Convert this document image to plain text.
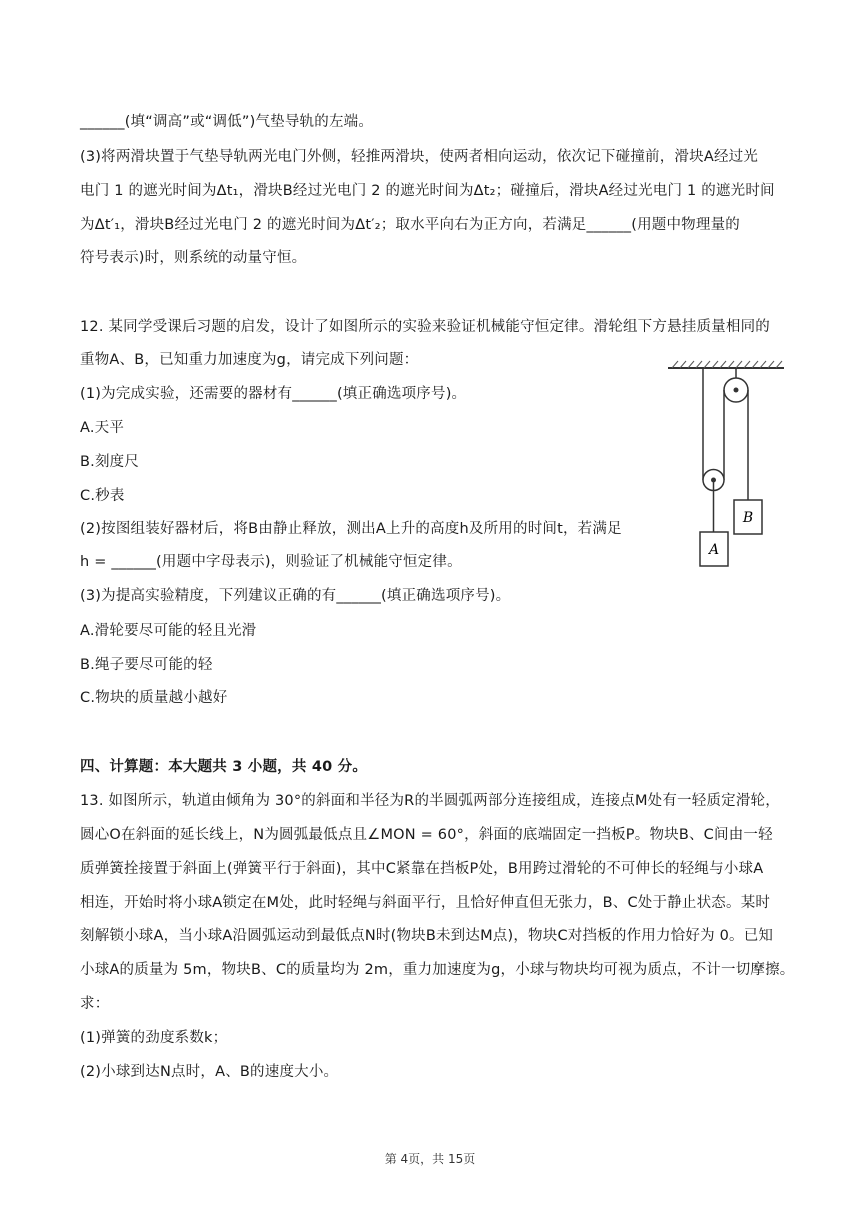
______(填“调高”或“调低”)气垫导轨的左端。
(3)将两滑块置于气垫导轨两光电门外侧，轻推两滑块，使两者相向运动，依次记下碰撞前，滑块A经过光
电门 1 的遮光时间为Δt₁，滑块B经过光电门 2 的遮光时间为Δt₂；碰撞后，滑块A经过光电门 1 的遮光时间
为Δt′₁，滑块B经过光电门 2 的遮光时间为Δt′₂；取水平向右为正方向，若满足______(用题中物理量的
符号表示)时，则系统的动量守恒。
12. 某同学受课后习题的启发，设计了如图所示的实验来验证机械能守恒定律。滑轮组下方悬挂质量相同的
重物A、B，已知重力加速度为g，请完成下列问题：
(1)为完成实验，还需要的器材有______(填正确选项序号)。
A.天平
B.刻度尺
C.秒表
(2)按图组装好器材后，将B由静止释放，测出A上升的高度h及所用的时间t，若满足
h = ______(用题中字母表示)，则验证了机械能守恒定律。
(3)为提高实验精度，下列建议正确的有______(填正确选项序号)。
A.滑轮要尽可能的轻且光滑
B.绳子要尽可能的轻
C.物块的质量越小越好
四、计算题：本大题共 3 小题，共 40 分。
13. 如图所示，轨道由倾角为 30°的斜面和半径为R的半圆弧两部分连接组成，连接点M处有一轻质定滑轮，
圆心O在斜面的延长线上，N为圆弧最低点且∠MON = 60°，斜面的底端固定一挡板P。物块B、C间由一轻
质弹簧拴接置于斜面上(弹簧平行于斜面)，其中C紧靠在挡板P处，B用跨过滑轮的不可伸长的轻绳与小球A
相连，开始时将小球A锁定在M处，此时轻绳与斜面平行，且恰好伸直但无张力，B、C处于静止状态。某时
刻解锁小球A，当小球A沿圆弧运动到最低点N时(物块B未到达M点)，物块C对挡板的作用力恰好为 0。已知
小球A的质量为 5m，物块B、C的质量均为 2m，重力加速度为g，小球与物块均可视为质点，不计一切摩擦。
求：
(1)弹簧的劲度系数k；
(2)小球到达N点时，A、B的速度大小。
A
B
第 4页，共 15页
